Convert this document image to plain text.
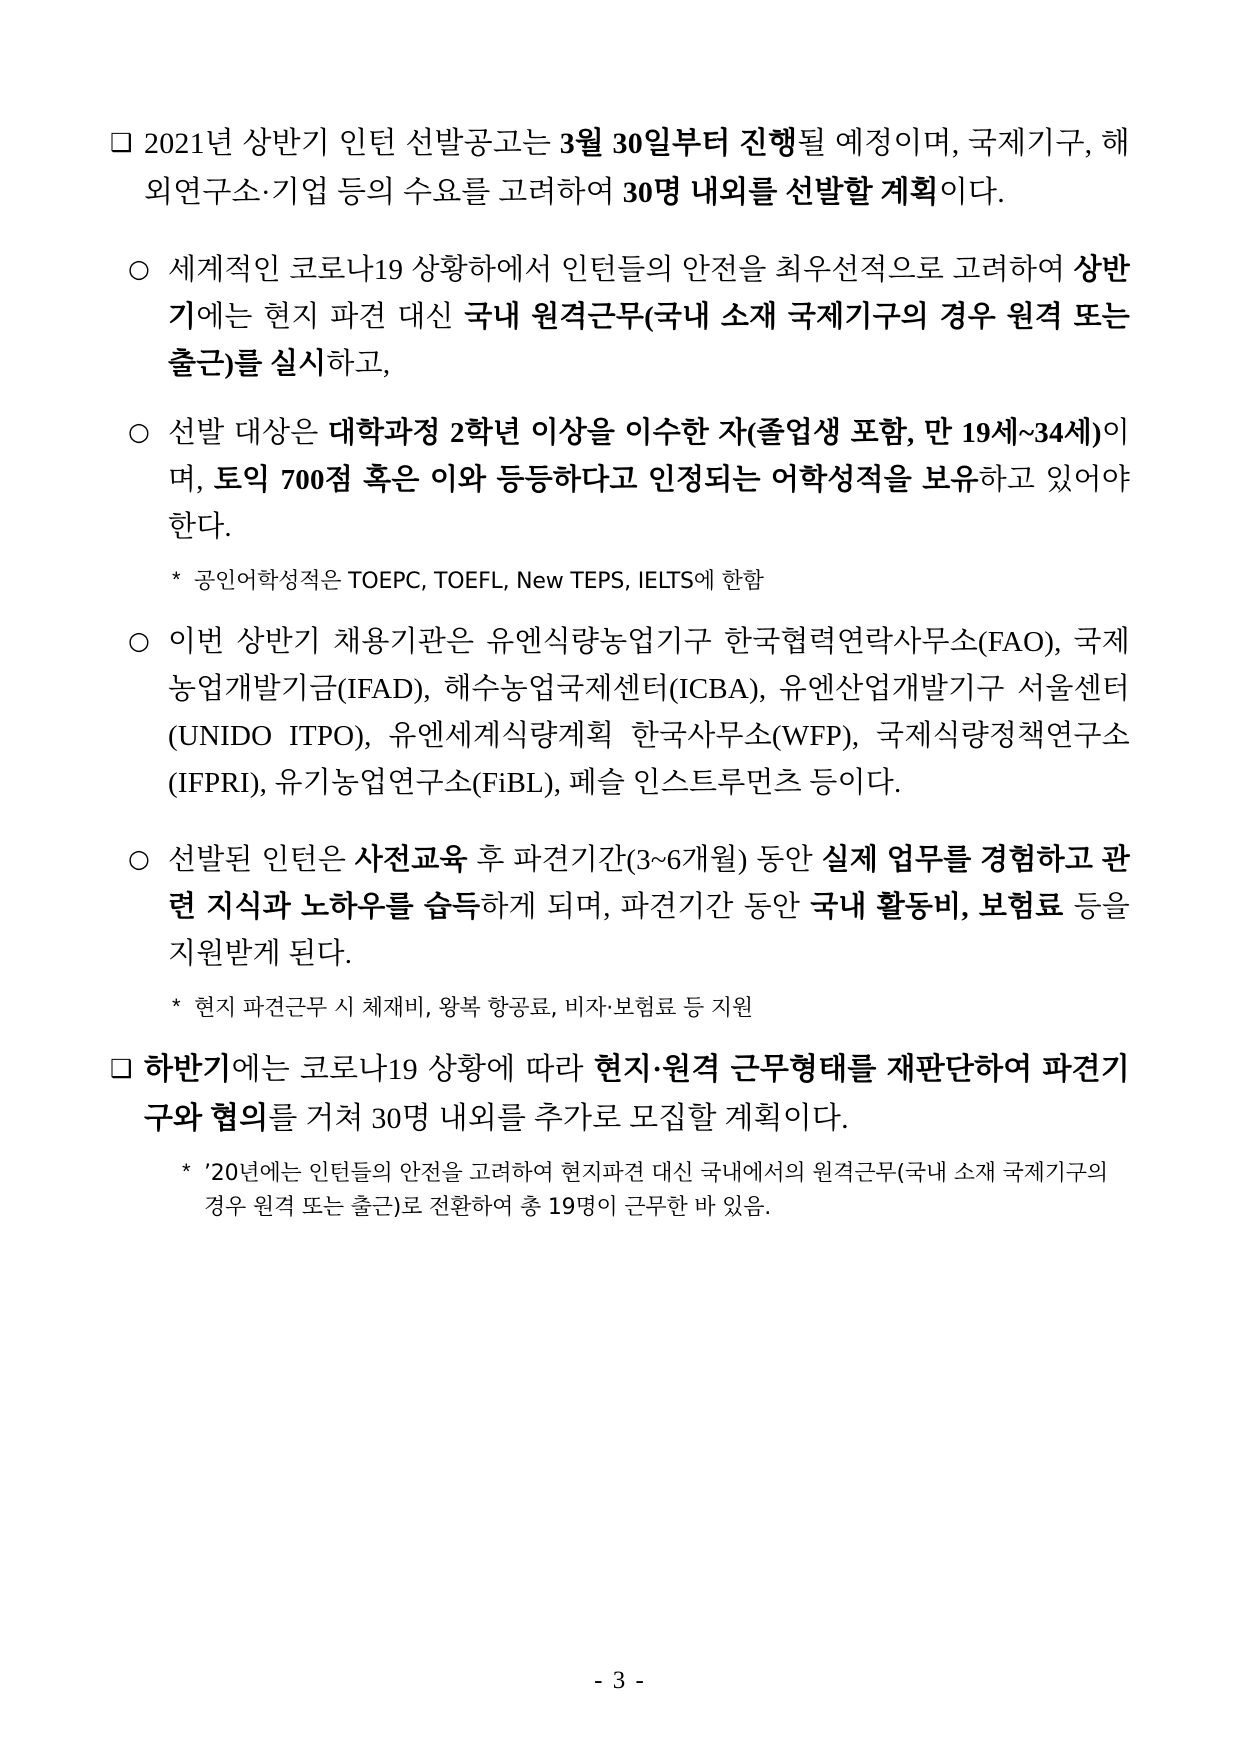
❑ 2021년 상반기 인턴 선발공고는 3월 30일부터 진행될 예정이며, 국제기구, 해외연구소·기업 등의 수요를 고려하여 30명 내외를 선발할 계획이다.
○ 세계적인 코로나19 상황하에서 인턴들의 안전을 최우선적으로 고려하여 상반기에는 현지 파견 대신 국내 원격근무(국내 소재 국제기구의 경우 원격 또는 출근)를 실시하고,
○ 선발 대상은 대학과정 2학년 이상을 이수한 자(졸업생 포함, 만 19세~34세)이며, 토익 700점 혹은 이와 등등하다고 인정되는 어학성적을 보유하고 있어야 한다.
* 공인어학성적은 TOEPC, TOEFL, New TEPS, IELTS에 한함
○ 이번 상반기 채용기관은 유엔식량농업기구 한국협력연락사무소(FAO), 국제농업개발기금(IFAD), 해수농업국제센터(ICBA), 유엔산업개발기구 서울센터(UNIDO ITPO), 유엔세계식량계획 한국사무소(WFP), 국제식량정책연구소(IFPRI), 유기농업연구소(FiBL), 페슬 인스트루먼츠 등이다.
○ 선발된 인턴은 사전교육 후 파견기간(3~6개월) 동안 실제 업무를 경험하고 관련 지식과 노하우를 습득하게 되며, 파견기간 동안 국내 활동비, 보험료 등을 지원받게 된다.
* 현지 파견근무 시 체재비, 왕복 항공료, 비자·보험료 등 지원
❑ 하반기에는 코로나19 상황에 따라 현지·원격 근무형태를 재판단하여 파견기구와 협의를 거쳐 30명 내외를 추가로 모집할 계획이다.
* ’20년에는 인턴들의 안전을 고려하여 현지파견 대신 국내에서의 원격근무(국내 소재 국제기구의 경우 원격 또는 출근)로 전환하여 총 19명이 근무한 바 있음.
- 3 -
